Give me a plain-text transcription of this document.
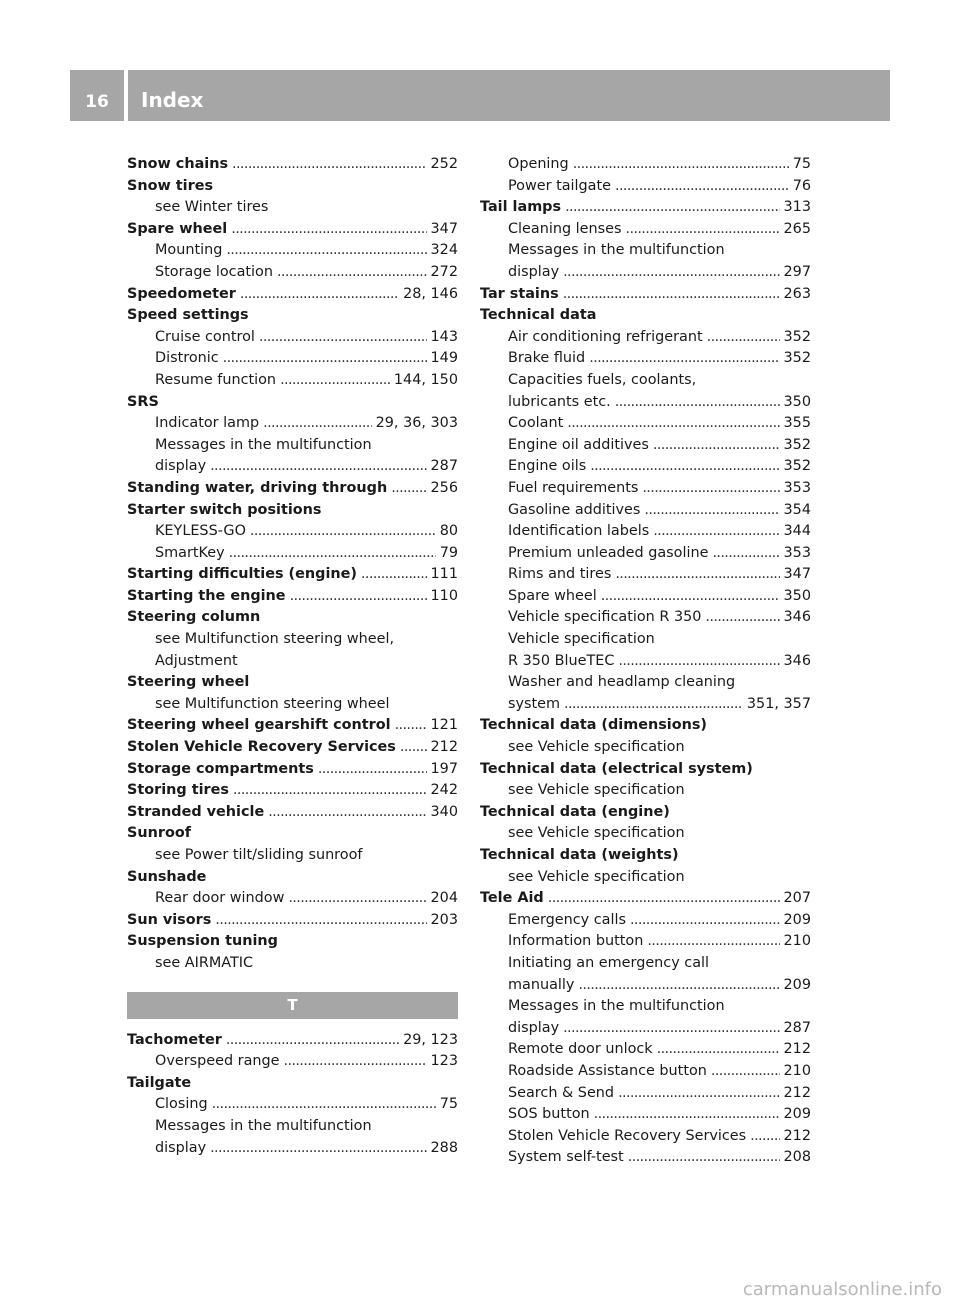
16	Index
Snow chains . . .	252
Snow tires
see Winter tires
Spare wheel . . .	347
Mounting . . .	324
Storage location . . .	272
Speedometer . . .	28, 146
Speed settings
Cruise control . . .	143
Distronic . . .	149
Resume function . . .	144, 150
SRS
Indicator lamp . . .	29, 36, 303
Messages in the multifunction
display . . .	287
Standing water, driving through . . .	256
Starter switch positions
KEYLESS-GO . . .	80
SmartKey . . .	79
Starting difficulties (engine) . . .	111
Starting the engine . . .	110
Steering column
see Multifunction steering wheel,
Adjustment
Steering wheel
see Multifunction steering wheel
Steering wheel gearshift control . . .	121
Stolen Vehicle Recovery Services . . . 212
Storage compartments . . .	197
Storing tires . . .	242
Stranded vehicle . . .	340
Sunroof
see Power tilt/sliding sunroof
Sunshade
Rear door window . . .	204
Sun visors . . .	203
Suspension tuning
see AIRMATIC
T
Tachometer . . .	29, 123
Overspeed range . . .	123
Tailgate
Closing . . .	75
Messages in the multifunction
display . . .	288
Opening . . .	75
Power tailgate . . .	76
Tail lamps . . .	313
Cleaning lenses . . .	265
Messages in the multifunction
display . . .	297
Tar stains . . .	263
Technical data
Air conditioning refrigerant . . .	352
Brake fluid . . .	352
Capacities fuels, coolants,
lubricants etc. . . .	350
Coolant . . .	355
Engine oil additives . . .	352
Engine oils . . .	352
Fuel requirements . . .	353
Gasoline additives . . .	354
Identification labels . . .	344
Premium unleaded gasoline . . .	353
Rims and tires . . .	347
Spare wheel . . .	350
Vehicle specification R 350 . . .	346
Vehicle specification
R 350 BlueTEC . . .	346
Washer and headlamp cleaning
system . . .	351, 357
Technical data (dimensions)
see Vehicle specification
Technical data (electrical system)
see Vehicle specification
Technical data (engine)
see Vehicle specification
Technical data (weights)
see Vehicle specification
Tele Aid . . .	207
Emergency calls . . .	209
Information button . . .	210
Initiating an emergency call
manually . . .	209
Messages in the multifunction
display . . .	287
Remote door unlock . . .	212
Roadside Assistance button . . .	210
Search & Send . . .	212
SOS button . . .	209
Stolen Vehicle Recovery Services . . .	212
System self-test . . .	208
carmanualsonline.info
